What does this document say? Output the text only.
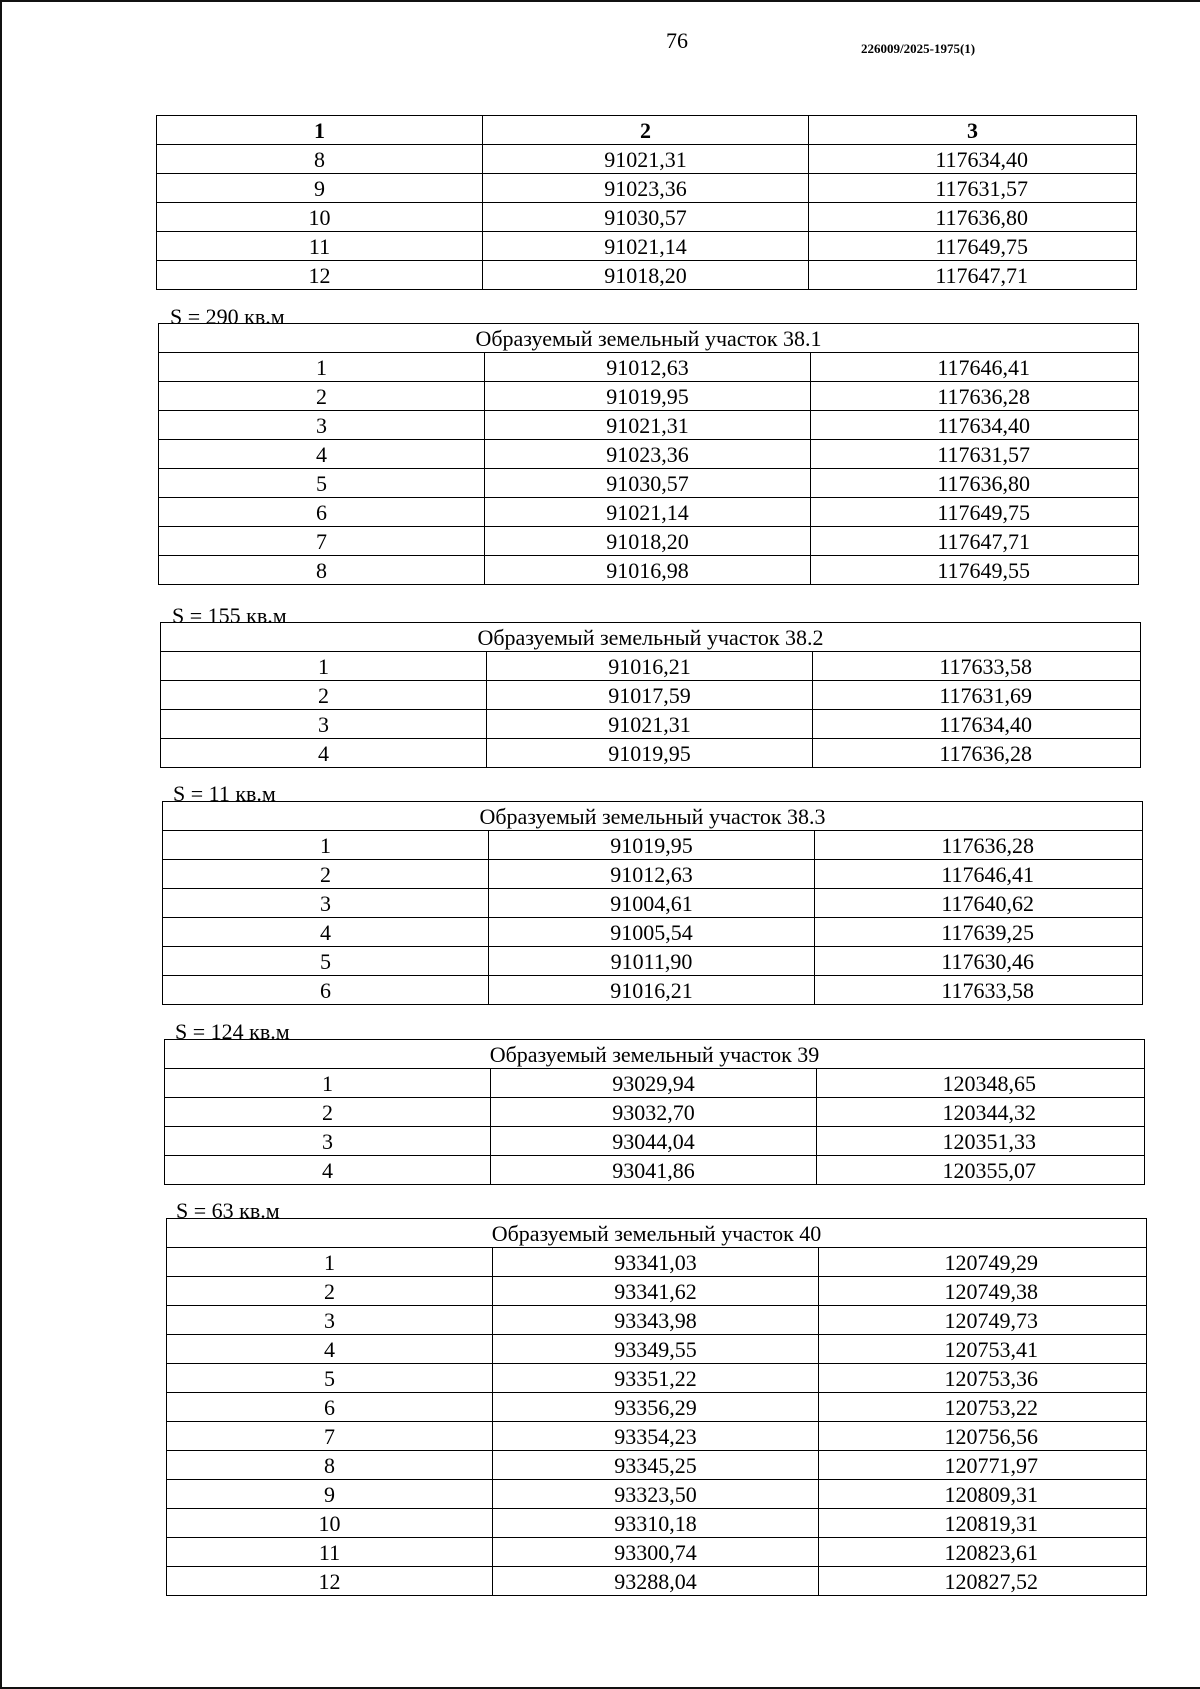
76	226009/2025-1975(1)
1	2	3
8	91021,31	117634,40
9	91023,36	117631,57
10	91030,57	117636,80
11	91021,14	117649,75
12	91018,20	117647,71
S = 290 кв.м
Образуемый земельный участок 38.1		
1	91012,63	117646,41
2	91019,95	117636,28
3	91021,31	117634,40
4	91023,36	117631,57
5	91030,57	117636,80
6	91021,14	117649,75
7	91018,20	117647,71
8	91016,98	117649,55
S = 155 кв.м
Образуемый земельный участок 38.2		
1	91016,21	117633,58
2	91017,59	117631,69
3	91021,31	117634,40
4	91019,95	117636,28
S = 11 кв.м
Образуемый земельный участок 38.3		
1	91019,95	117636,28
2	91012,63	117646,41
3	91004,61	117640,62
4	91005,54	117639,25
5	91011,90	117630,46
6	91016,21	117633,58
S = 124 кв.м
Образуемый земельный участок 39		
1	93029,94	120348,65
2	93032,70	120344,32
3	93044,04	120351,33
4	93041,86	120355,07
S = 63 кв.м
Образуемый земельный участок 40		
1	93341,03	120749,29
2	93341,62	120749,38
3	93343,98	120749,73
4	93349,55	120753,41
5	93351,22	120753,36
6	93356,29	120753,22
7	93354,23	120756,56
8	93345,25	120771,97
9	93323,50	120809,31
10	93310,18	120819,31
11	93300,74	120823,61
12	93288,04	120827,52
